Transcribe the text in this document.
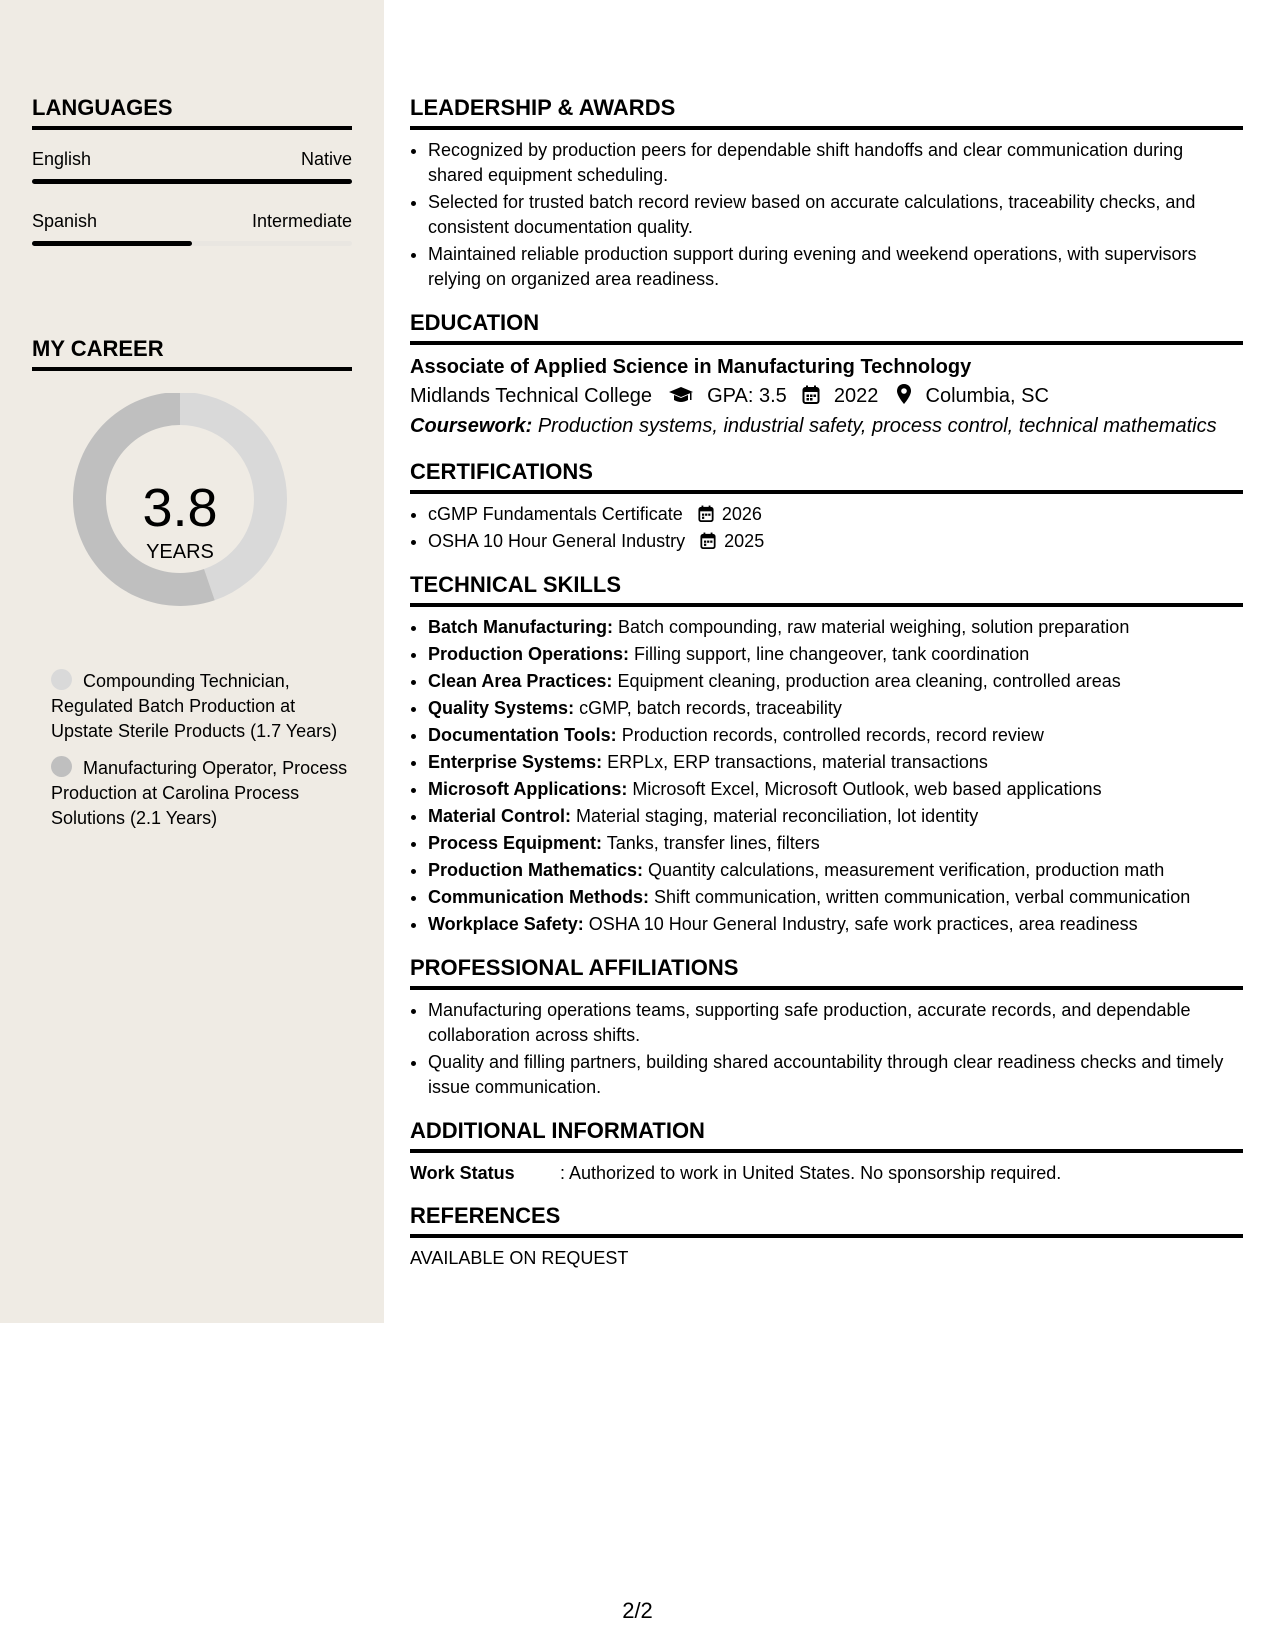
LANGUAGES
English	Native
Spanish	Intermediate
MY CAREER
3.8
YEARS
Compounding Technician, Regulated Batch Production at Upstate Sterile Products (1.7 Years)
Manufacturing Operator, Process Production at Carolina Process Solutions (2.1 Years)
LEADERSHIP & AWARDS
• Recognized by production peers for dependable shift handoffs and clear communication during shared equipment scheduling.
• Selected for trusted batch record review based on accurate calculations, traceability checks, and consistent documentation quality.
• Maintained reliable production support during evening and weekend operations, with supervisors relying on organized area readiness.
EDUCATION
Associate of Applied Science in Manufacturing Technology
Midlands Technical College	GPA: 3.5 2022 Columbia, SC
Coursework: Production systems, industrial safety, process control, technical mathematics
CERTIFICATIONS
• cGMP Fundamentals Certificate 2026
• OSHA 10 Hour General Industry 2025
TECHNICAL SKILLS
• Batch Manufacturing: Batch compounding, raw material weighing, solution preparation
• Production Operations: Filling support, line changeover, tank coordination
• Clean Area Practices: Equipment cleaning, production area cleaning, controlled areas
• Quality Systems: cGMP, batch records, traceability
• Documentation Tools: Production records, controlled records, record review
• Enterprise Systems: ERPLx, ERP transactions, material transactions
• Microsoft Applications: Microsoft Excel, Microsoft Outlook, web based applications
• Material Control: Material staging, material reconciliation, lot identity
• Process Equipment: Tanks, transfer lines, filters
• Production Mathematics: Quantity calculations, measurement verification, production math
• Communication Methods: Shift communication, written communication, verbal communication
• Workplace Safety: OSHA 10 Hour General Industry, safe work practices, area readiness
PROFESSIONAL AFFILIATIONS
• Manufacturing operations teams, supporting safe production, accurate records, and dependable collaboration across shifts.
• Quality and filling partners, building shared accountability through clear readiness checks and timely issue communication.
ADDITIONAL INFORMATION
Work Status	: Authorized to work in United States. No sponsorship required.
REFERENCES
AVAILABLE ON REQUEST
2/2
